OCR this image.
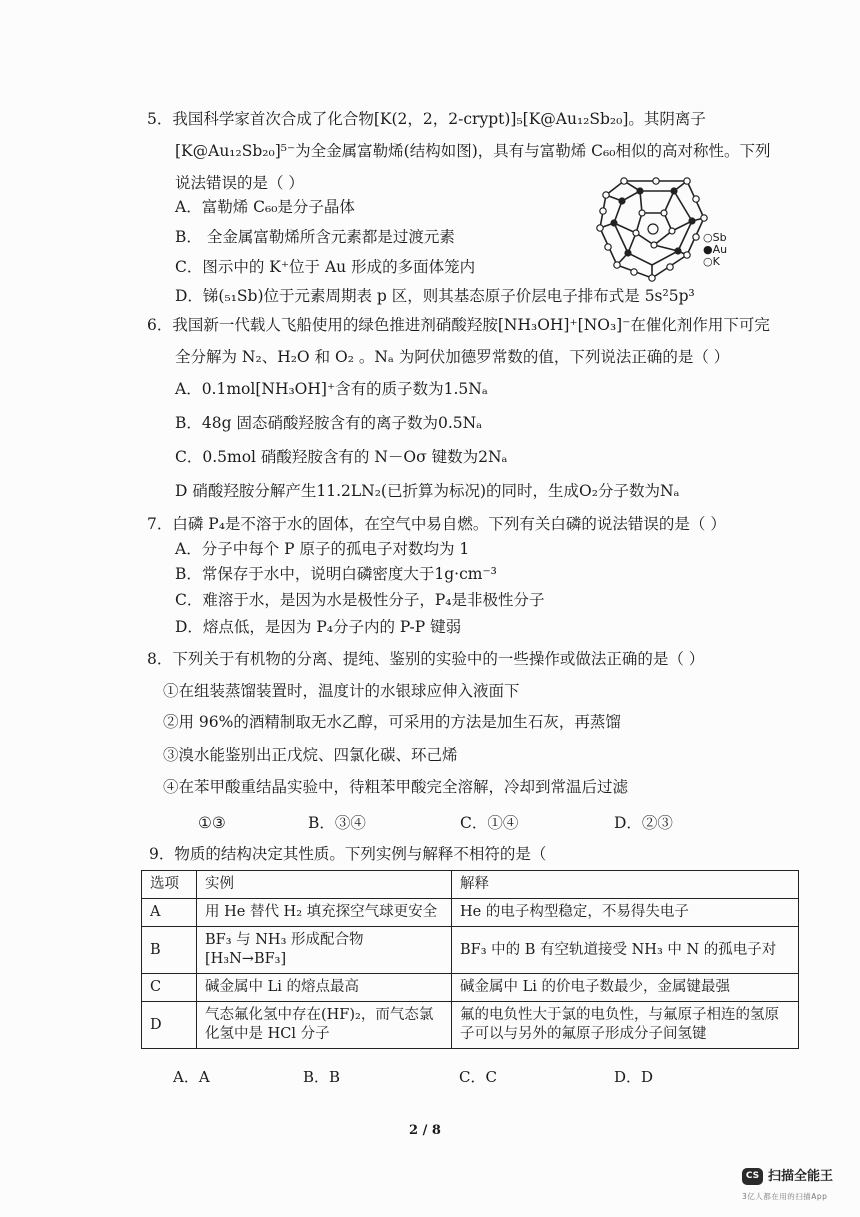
5．我国科学家首次合成了化合物[K(2，2，2-crypt)]₅[K@Au₁₂Sb₂₀]。其阴离子
[K@Au₁₂Sb₂₀]⁵⁻为全金属富勒烯(结构如图)，具有与富勒烯 C₆₀相似的高对称性。下列
说法错误的是（ ）
A．富勒烯 C₆₀是分子晶体
B． 全金属富勒烯所含元素都是过渡元素
C．图示中的 K⁺位于 Au 形成的多面体笼内
D．锑(₅₁Sb)位于元素周期表 p 区，则其基态原子价层电子排布式是 5s²5p³
○Sb
●Au
○K
6．我国新一代载人飞船使用的绿色推进剂硝酸羟胺[NH₃OH]⁺[NO₃]⁻在催化剂作用下可完
全分解为 N₂、H₂O 和 O₂ 。Nₐ 为阿伏加德罗常数的值，下列说法正确的是（ ）
A．0.1mol[NH₃OH]⁺含有的质子数为1.5Nₐ
B．48g 固态硝酸羟胺含有的离子数为0.5Nₐ
C．0.5mol 硝酸羟胺含有的 N－Oσ 键数为2Nₐ
D 硝酸羟胺分解产生11.2LN₂(已折算为标况)的同时，生成O₂分子数为Nₐ
7．白磷 P₄是不溶于水的固体，在空气中易自燃。下列有关白磷的说法错误的是（ ）
A．分子中每个 P 原子的孤电子对数均为 1
B．常保存于水中，说明白磷密度大于1g·cm⁻³
C．难溶于水，是因为水是极性分子，P₄是非极性分子
D．熔点低，是因为 P₄分子内的 P-P 键弱
8．下列关于有机物的分离、提纯、鉴别的实验中的一些操作或做法正确的是（ ）
①在组装蒸馏装置时，温度计的水银球应伸入液面下
②用 96%的酒精制取无水乙醇，可采用的方法是加生石灰，再蒸馏
③溴水能鉴别出正戊烷、四氯化碳、环己烯
④在苯甲酸重结晶实验中，待粗苯甲酸完全溶解，冷却到常温后过滤
①③	B．③④	C．①④	D．②③
9．物质的结构决定其性质。下列实例与解释不相符的是（
选项	实例	解释
A	用 He 替代 H₂ 填充探空气球更安全	He 的电子构型稳定，不易得失电子
B	BF₃ 与 NH₃ 形成配合物[H₃N→BF₃]	BF₃ 中的 B 有空轨道接受 NH₃ 中 N 的孤电子对
C	碱金属中 Li 的熔点最高	碱金属中 Li 的价电子数最少，金属键最强
D	气态氟化氢中存在(HF)₂，而气态氯化氢中是 HCl 分子	氟的电负性大于氯的电负性，与氟原子相连的氢原子可以与另外的氟原子形成分子间氢键
A．A	B．B	C．C	D．D
2 / 8
CS 扫描全能王
3亿人都在用的扫描App
